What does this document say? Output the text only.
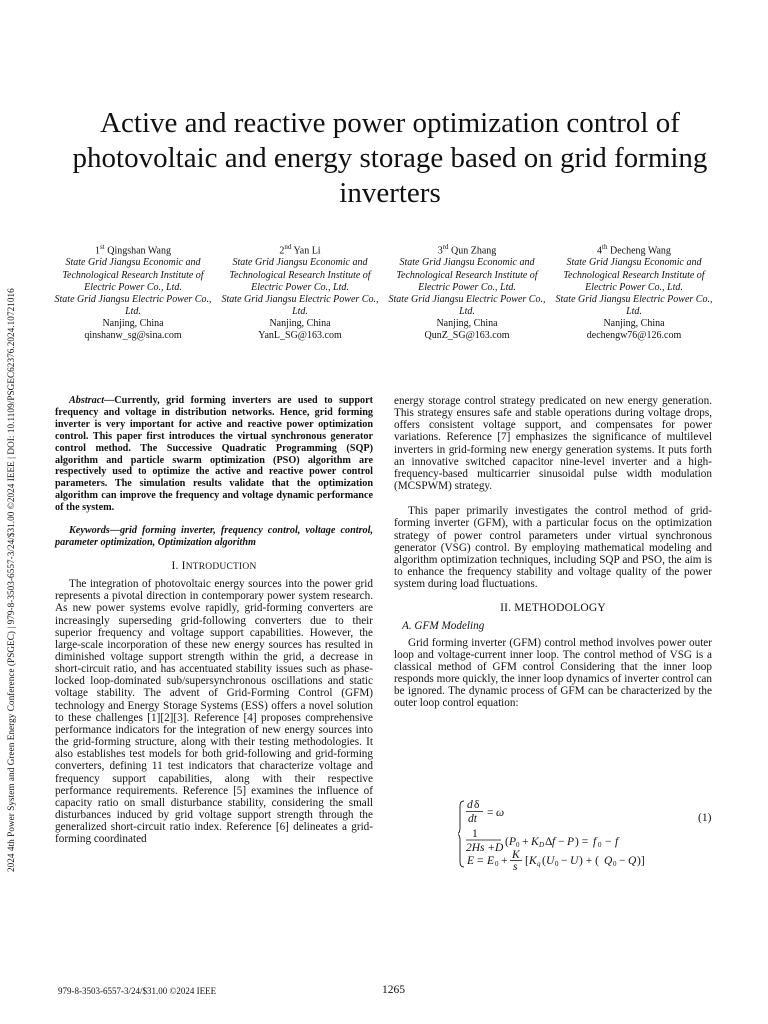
2024 4th Power System and Green Energy Conference (PSGEC) | 979-8-3503-6557-3/24/$31.00 ©2024 IEEE | DOI: 10.1109/PSGEC62376.2024.10721016
Active and reactive power optimization control of photovoltaic and energy storage based on grid forming inverters
1st Qingshan Wang
State Grid Jiangsu Economic and Technological Research Institute of Electric Power Co., Ltd.
State Grid Jiangsu Electric Power Co., Ltd.
Nanjing, China
qinshanw_sg@sina.com
2nd Yan Li
State Grid Jiangsu Economic and Technological Research Institute of Electric Power Co., Ltd.
State Grid Jiangsu Electric Power Co., Ltd.
Nanjing, China
YanL_SG@163.com
3rd Qun Zhang
State Grid Jiangsu Economic and Technological Research Institute of Electric Power Co., Ltd.
State Grid Jiangsu Electric Power Co., Ltd.
Nanjing, China
QunZ_SG@163.com
4th Decheng Wang
State Grid Jiangsu Economic and Technological Research Institute of Electric Power Co., Ltd.
State Grid Jiangsu Electric Power Co., Ltd.
Nanjing, China
dechengw76@126.com

Abstract—Currently, grid forming inverters are used to support frequency and voltage in distribution networks. Hence, grid forming inverter is very important for active and reactive power optimization control. This paper first introduces the virtual synchronous generator control method. The Successive Quadratic Programming (SQP) algorithm and particle swarm optimization (PSO) algorithm are respectively used to optimize the active and reactive power control parameters. The simulation results validate that the optimization algorithm can improve the frequency and voltage dynamic performance of the system.

Keywords—grid forming inverter, frequency control, voltage control, parameter optimization, Optimization algorithm

I. INTRODUCTION

The integration of photovoltaic energy sources into the power grid represents a pivotal direction in contemporary power system research. As new power systems evolve rapidly, grid-forming converters are increasingly superseding grid-following converters due to their superior frequency and voltage support capabilities. However, the large-scale incorporation of these new energy sources has resulted in diminished voltage support strength within the grid, a decrease in short-circuit ratio, and has accentuated stability issues such as phase-locked loop-dominated sub/supersynchronous oscillations and static voltage stability. The advent of Grid-Forming Control (GFM) technology and Energy Storage Systems (ESS) offers a novel solution to these challenges [1][2][3]. Reference [4] proposes comprehensive performance indicators for the integration of new energy sources into the grid-forming structure, along with their testing methodologies. It also establishes test models for both grid-following and grid-forming converters, defining 11 test indicators that characterize voltage and frequency support capabilities, along with their respective performance requirements. Reference [5] examines the influence of capacity ratio on small disturbance stability, considering the small disturbances induced by grid voltage support strength through the generalized short-circuit ratio index. Reference [6] delineates a grid-forming coordinated

energy storage control strategy predicated on new energy generation. This strategy ensures safe and stable operations during voltage drops, offers consistent voltage support, and compensates for power variations. Reference [7] emphasizes the significance of multilevel inverters in grid-forming new energy generation systems. It puts forth an innovative switched capacitor nine-level inverter and a high-frequency-based multicarrier sinusoidal pulse width modulation (MCSPWM) strategy.

This paper primarily investigates the control method of grid-forming inverter (GFM), with a particular focus on the optimization strategy of power control parameters under virtual synchronous generator (VSG) control. By employing mathematical modeling and algorithm optimization techniques, including SQP and PSO, the aim is to enhance the frequency stability and voltage quality of the power system during load fluctuations.

II. METHODOLOGY
A. GFM Modeling

Grid forming inverter (GFM) control method involves power outer loop and voltage-current inner loop. The control method of VSG is a classical method of GFM control Considering that the inner loop responds more quickly, the inner loop dynamics of inverter control can be ignored. The dynamic process of GFM can be characterized by the outer loop control equation:

d δ
dt = ω
1
2Hs + D ( P 0 + K D Δ f − P ) = f 0 − f
E = E 0 + K
s [ K q ( U 0 − U ) + ( Q 0 − Q )]
(1)
979-8-3503-6557-3/24/$31.00 ©2024 IEEE	1265
